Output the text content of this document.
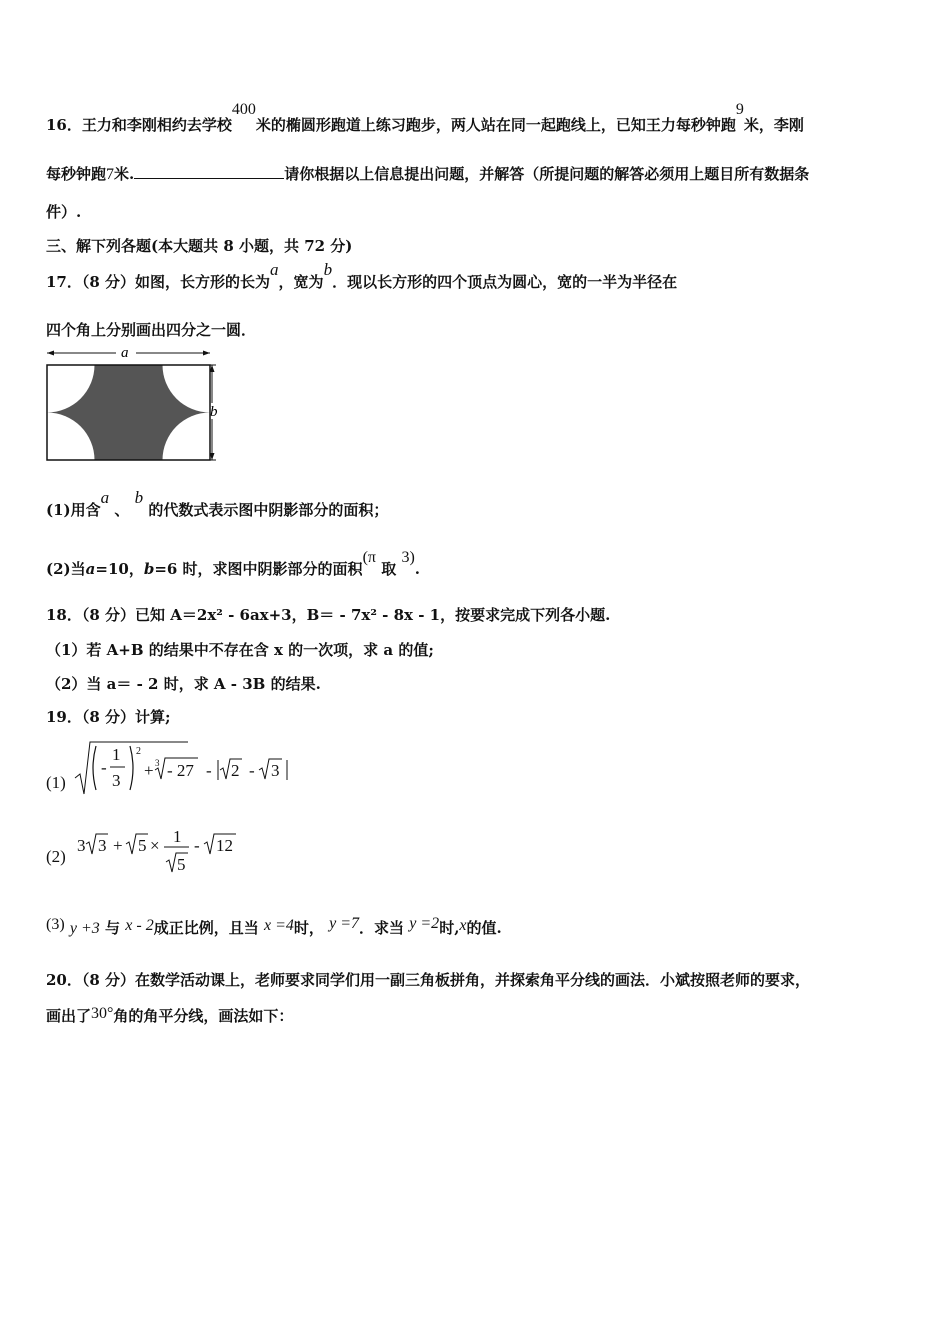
16．王力和李刚相约去学校400米的椭圆形跑道上练习跑步，两人站在同一起跑线上，已知王力每秒钟跑9米，李刚
每秒钟跑7米.	请你根据以上信息提出问题，并解答（所提问题的解答必须用上题目所有数据条
件）.
三、解下列各题(本大题共 8 小题，共 72 分)
17．（8 分）如图，长方形的长为a，宽为b．现以长方形的四个顶点为圆心，宽的一半为半径在
四个角上分别画出四分之一圆．
a
b
(1)用含a 、 b 的代数式表示图中阴影部分的面积；
(2)当a=10，b=6 时，求图中阴影部分的面积(π 取 3).
18．（8 分）已知 A＝2x² - 6ax+3，B＝ - 7x² - 8x - 1，按要求完成下列各小题.
（1）若 A+B 的结果中不存在含 x 的一次项，求 a 的值;
（2）当 a＝ - 2 时，求 A - 3B 的结果.
19．（8 分）计算;
(1)
-
1
3
2
+ 3 - 27 - 2 - 3
(2)
3 3 + 5 × 1
5
- 12
(3) y +3 与 x - 2成正比例，且当 x =4时， y =7．求当 y =2时,x的值.
20．（8 分）在数学活动课上，老师要求同学们用一副三角板拼角，并探索角平分线的画法．小斌按照老师的要求，
画出了30°角的角平分线，画法如下：
